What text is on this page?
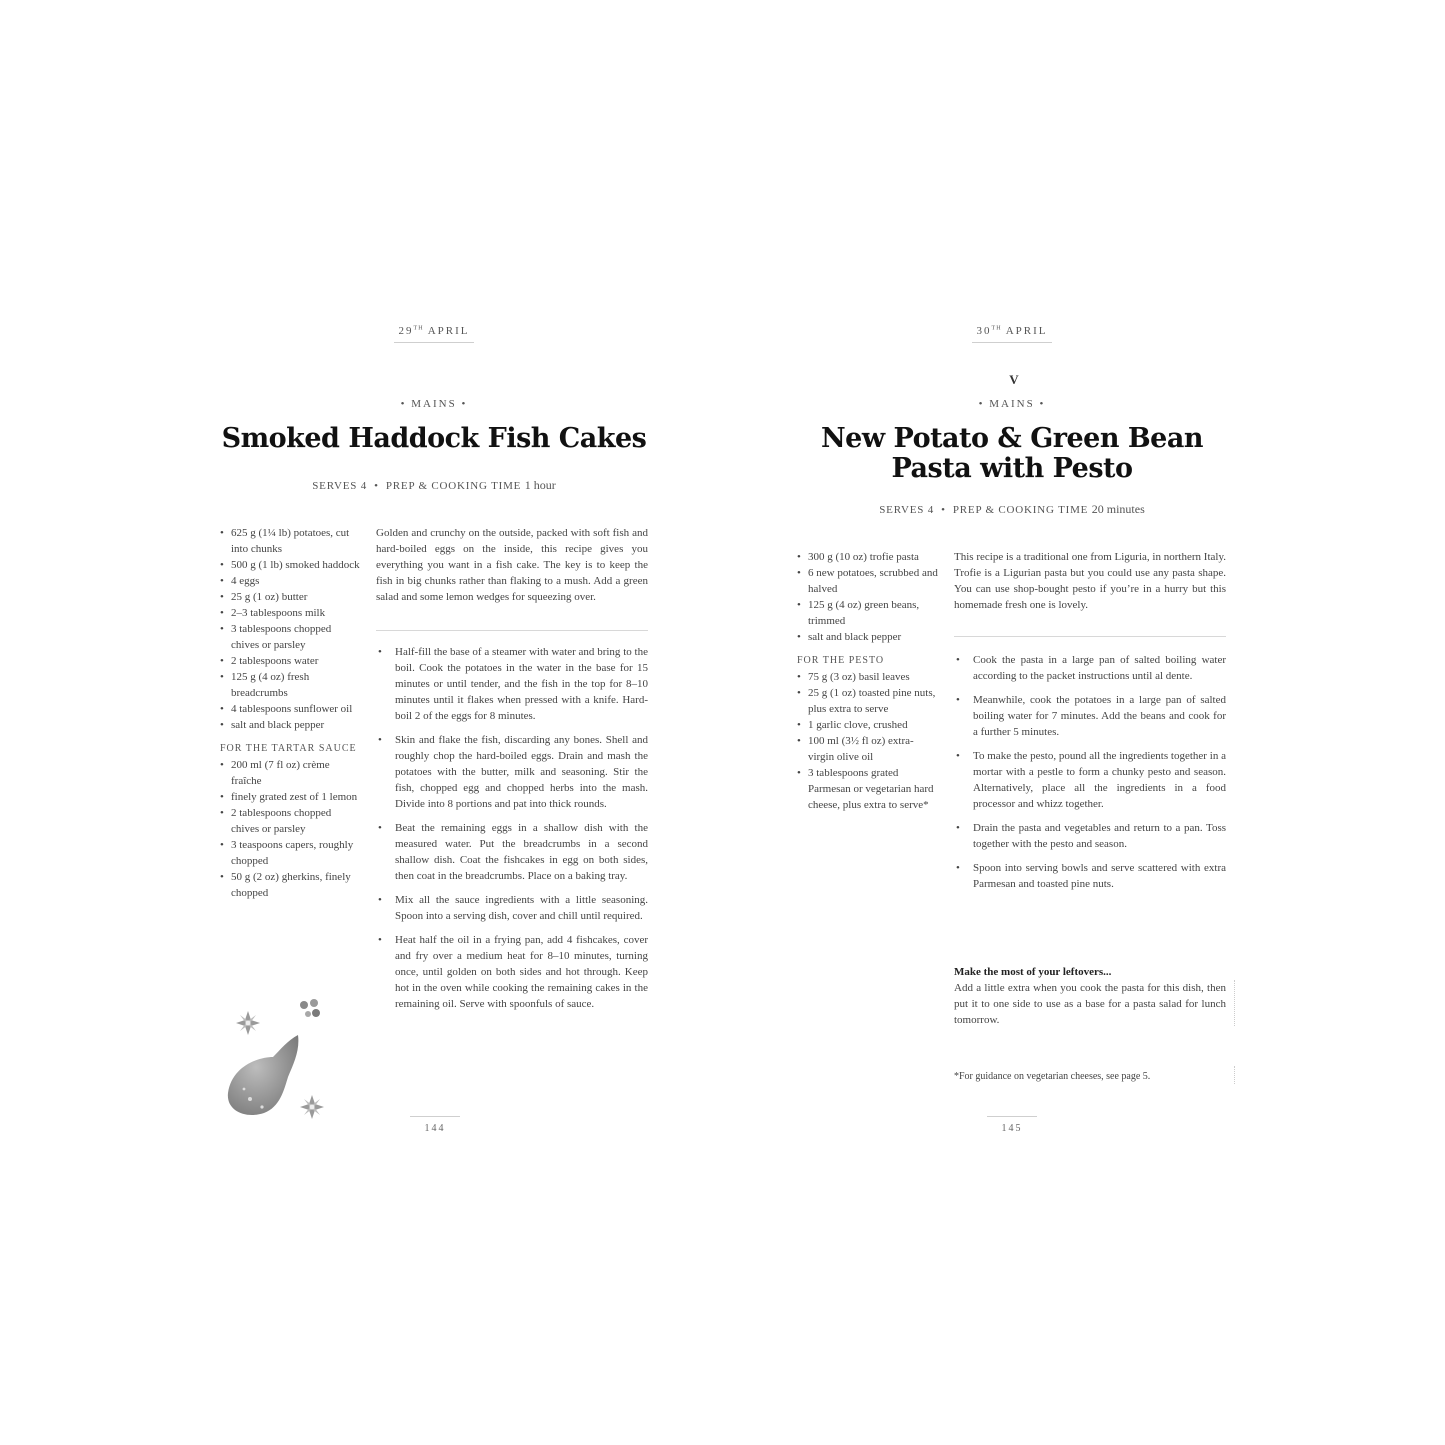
29TH APRIL
• MAINS •
Smoked Haddock Fish Cakes
SERVES 4 • PREP & COOKING TIME 1 hour
• 625 g (1¼ lb) potatoes, cut into chunks
• 500 g (1 lb) smoked haddock
• 4 eggs
• 25 g (1 oz) butter
• 2–3 tablespoons milk
• 3 tablespoons chopped chives or parsley
• 2 tablespoons water
• 125 g (4 oz) fresh breadcrumbs
• 4 tablespoons sunflower oil
• salt and black pepper
FOR THE TARTAR SAUCE
• 200 ml (7 fl oz) crème fraîche
• finely grated zest of 1 lemon
• 2 tablespoons chopped chives or parsley
• 3 teaspoons capers, roughly chopped
• 50 g (2 oz) gherkins, finely chopped
Golden and crunchy on the outside, packed with soft fish and hard-boiled eggs on the inside, this recipe gives you everything you want in a fish cake. The key is to keep the fish in big chunks rather than flaking to a mush. Add a green salad and some lemon wedges for squeezing over.
• Half-fill the base of a steamer with water and bring to the boil. Cook the potatoes in the water in the base for 15 minutes or until tender, and the fish in the top for 8–10 minutes until it flakes when pressed with a knife. Hard-boil 2 of the eggs for 8 minutes.
• Skin and flake the fish, discarding any bones. Shell and roughly chop the hard-boiled eggs. Drain and mash the potatoes with the butter, milk and seasoning. Stir the fish, chopped egg and chopped herbs into the mash. Divide into 8 portions and pat into thick rounds.
• Beat the remaining eggs in a shallow dish with the measured water. Put the breadcrumbs in a second shallow dish. Coat the fishcakes in egg on both sides, then coat in the breadcrumbs. Place on a baking tray.
• Mix all the sauce ingredients with a little seasoning. Spoon into a serving dish, cover and chill until required.
• Heat half the oil in a frying pan, add 4 fishcakes, cover and fry over a medium heat for 8–10 minutes, turning once, until golden on both sides and hot through. Keep hot in the oven while cooking the remaining cakes in the remaining oil. Serve with spoonfuls of sauce.
144
30TH APRIL
V
• MAINS •
New Potato & Green Bean
Pasta with Pesto
SERVES 4 • PREP & COOKING TIME 20 minutes
• 300 g (10 oz) trofie pasta
• 6 new potatoes, scrubbed and halved
• 125 g (4 oz) green beans, trimmed
• salt and black pepper
FOR THE PESTO
• 75 g (3 oz) basil leaves
• 25 g (1 oz) toasted pine nuts, plus extra to serve
• 1 garlic clove, crushed
• 100 ml (3½ fl oz) extra-virgin olive oil
• 3 tablespoons grated Parmesan or vegetarian hard cheese, plus extra to serve*
This recipe is a traditional one from Liguria, in northern Italy. Trofie is a Ligurian pasta but you could use any pasta shape. You can use shop-bought pesto if you’re in a hurry but this homemade fresh one is lovely.
• Cook the pasta in a large pan of salted boiling water according to the packet instructions until al dente.
• Meanwhile, cook the potatoes in a large pan of salted boiling water for 7 minutes. Add the beans and cook for a further 5 minutes.
• To make the pesto, pound all the ingredients together in a mortar with a pestle to form a chunky pesto and season. Alternatively, place all the ingredients in a food processor and whizz together.
• Drain the pasta and vegetables and return to a pan. Toss together with the pesto and season.
• Spoon into serving bowls and serve scattered with extra Parmesan and toasted pine nuts.
Make the most of your leftovers...
Add a little extra when you cook the pasta for this dish, then put it to one side to use as a base for a pasta salad for lunch tomorrow.
*For guidance on vegetarian cheeses, see page 5.
145
